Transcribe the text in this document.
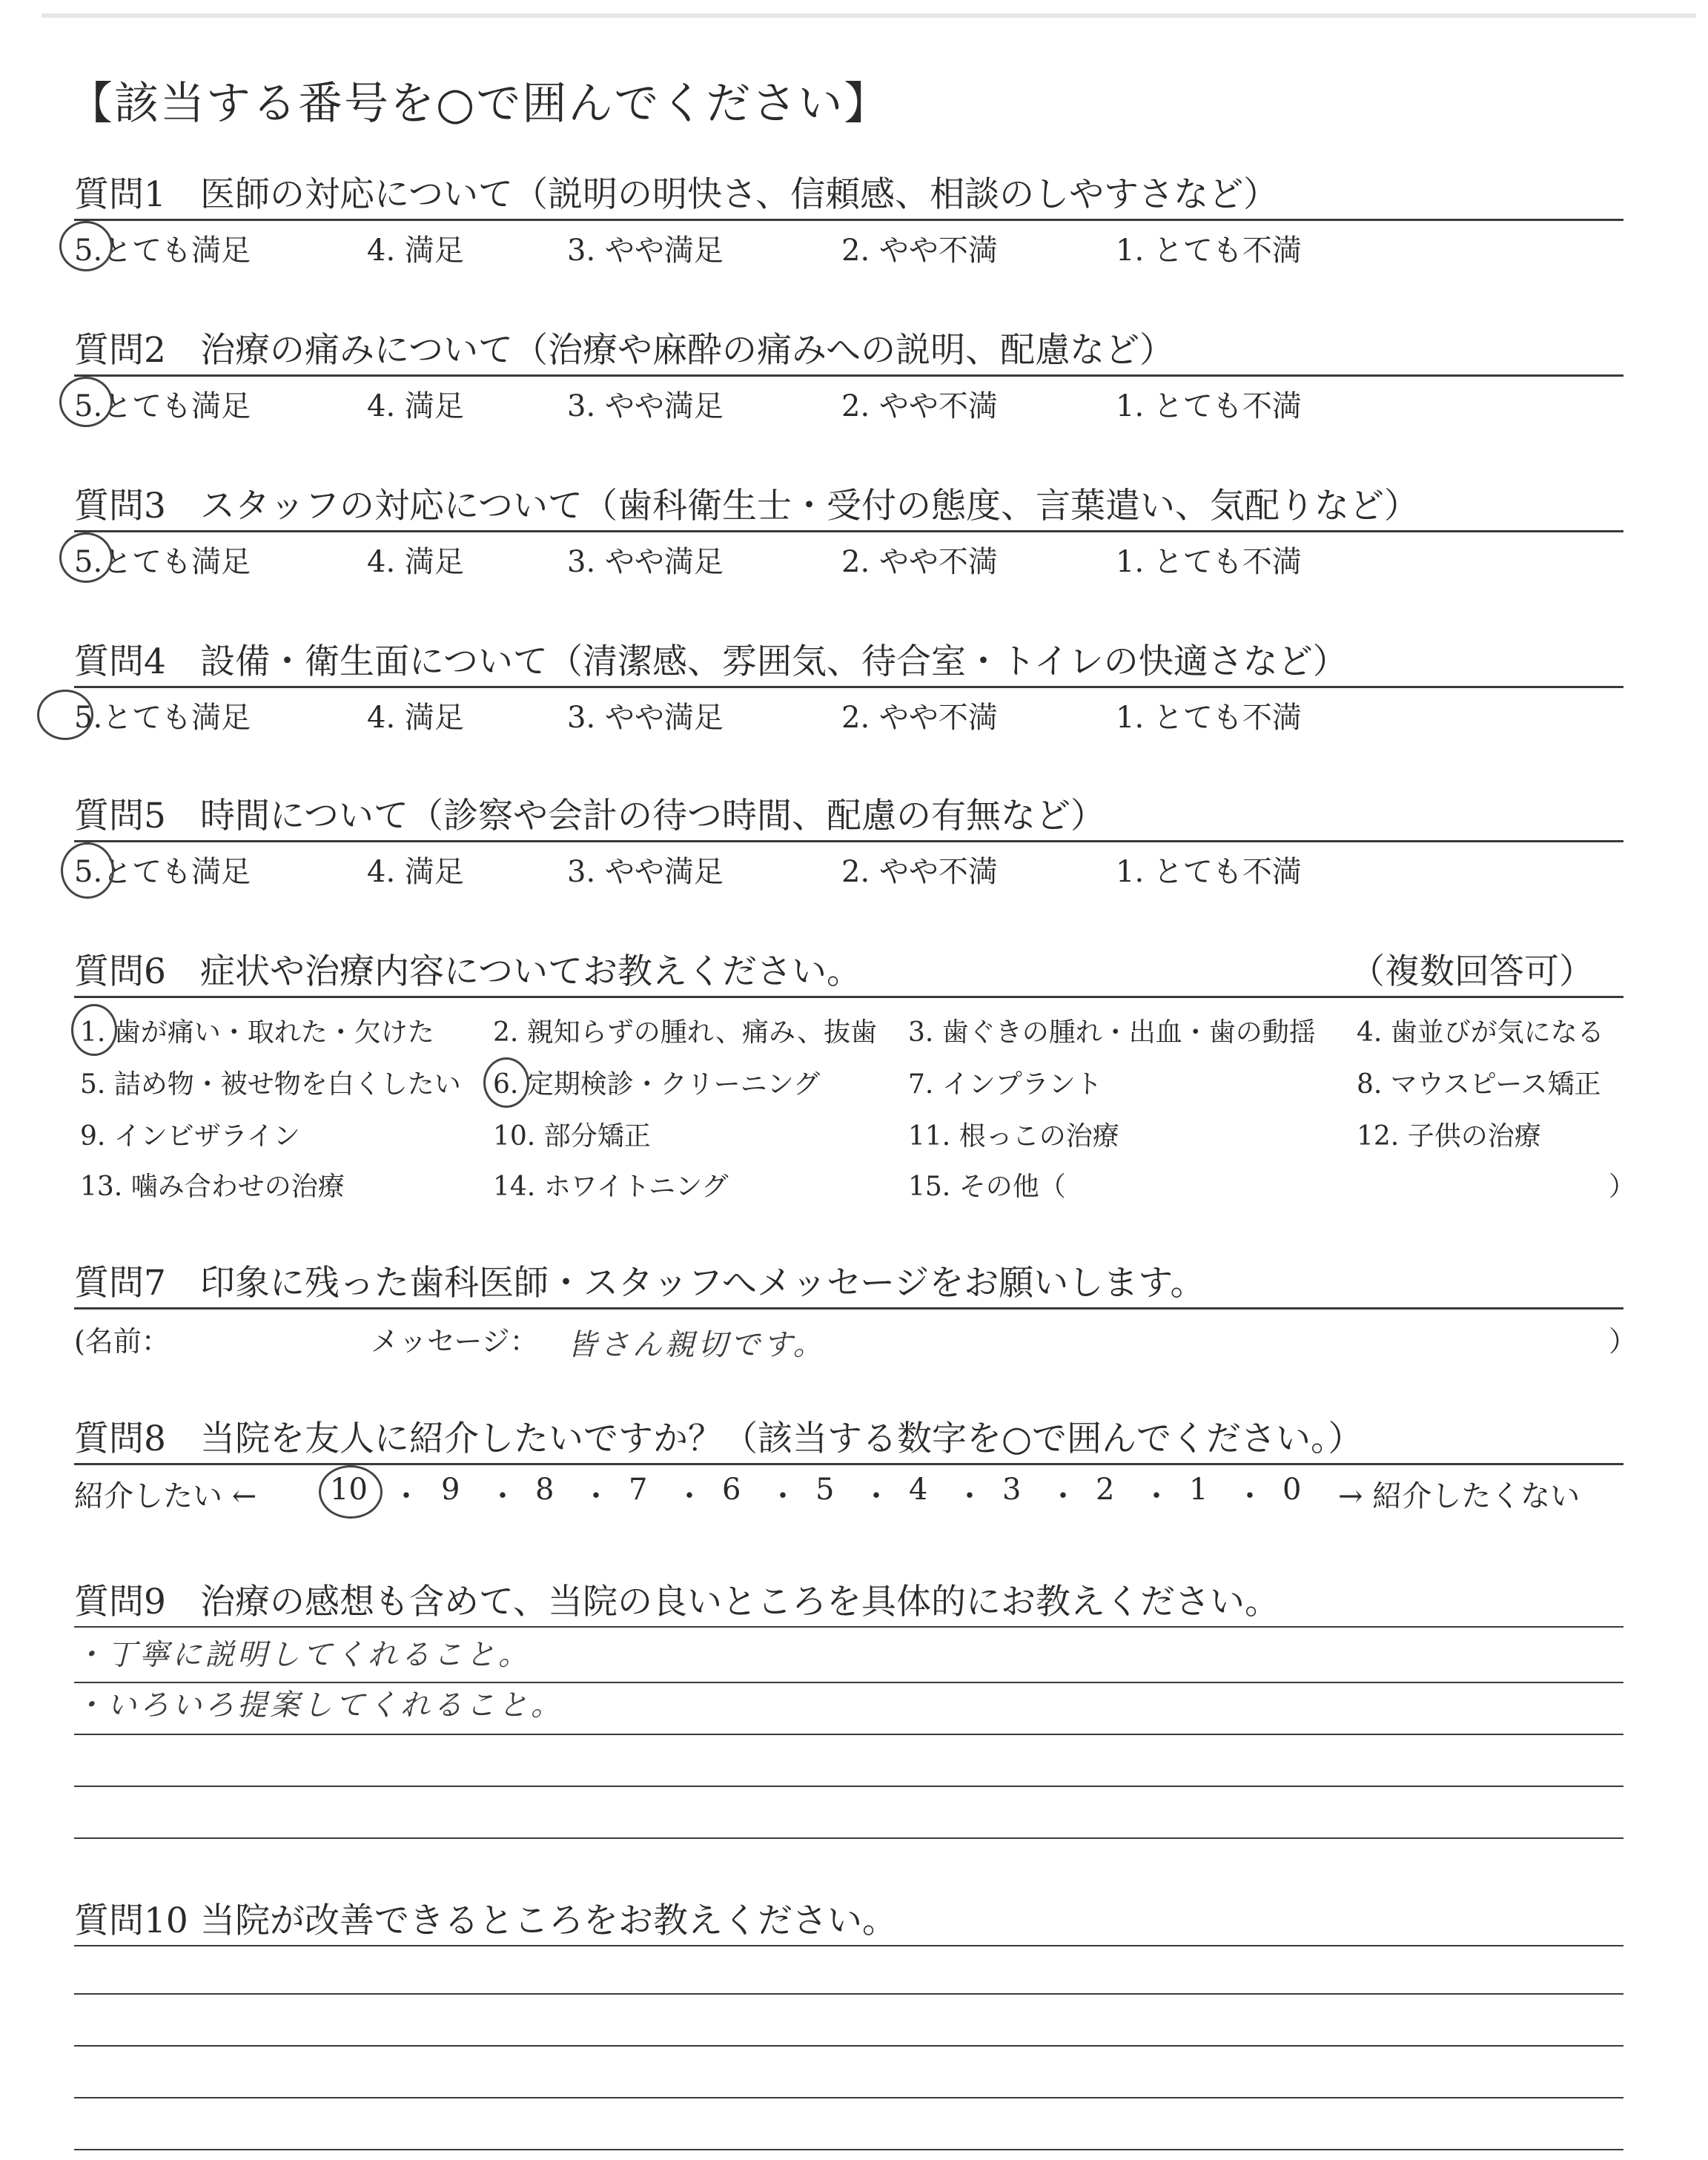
【該当する番号を○で囲んでください】
質問1 医師の対応について（説明の明快さ、信頼感、相談のしやすさなど）
5.とても満足	4. 満足	3. やや満足	2. やや不満	1. とても不満
質問2 治療の痛みについて（治療や麻酔の痛みへの説明、配慮など）
5.とても満足	4. 満足	3. やや満足	2. やや不満	1. とても不満
質問3 スタッフの対応について（歯科衛生士・受付の態度、言葉遣い、気配りなど）
5.とても満足	4. 満足	3. やや満足	2. やや不満	1. とても不満
質問4 設備・衛生面について（清潔感、雰囲気、待合室・トイレの快適さなど）
5.とても満足	4. 満足	3. やや満足	2. やや不満	1. とても不満
質問5 時間について（診察や会計の待つ時間、配慮の有無など）
5.とても満足	4. 満足	3. やや満足	2. やや不満	1. とても不満
質問6 症状や治療内容についてお教えください。	（複数回答可）
1. 歯が痛い・取れた・欠けた 2. 親知らずの腫れ、痛み、抜歯 3. 歯ぐきの腫れ・出血・歯の動揺 4. 歯並びが気になる
5. 詰め物・被せ物を白くしたい 6. 定期検診・クリーニング	7. インプラント	8. マウスピース矯正
9. インビザライン	10. 部分矯正	11. 根っこの治療	12. 子供の治療
13. 噛み合わせの治療	14. ホワイトニング	15. その他（	）
質問7 印象に残った歯科医師・スタッフへメッセージをお願いします。
(名前：	メッセージ： 皆さん親切です。	）
質問8 当院を友人に紹介したいですか？（該当する数字を○で囲んでください。）
紹介したい ← 10 ・ 9 ・ 8 ・ 7 ・ 6 ・ 5 ・ 4 ・ 3 ・ 2 ・ 1 ・ 0 → 紹介したくない
質問9 治療の感想も含めて、当院の良いところを具体的にお教えください。
・丁寧に説明してくれること。
・いろいろ提案してくれること。
質問10 当院が改善できるところをお教えください。
